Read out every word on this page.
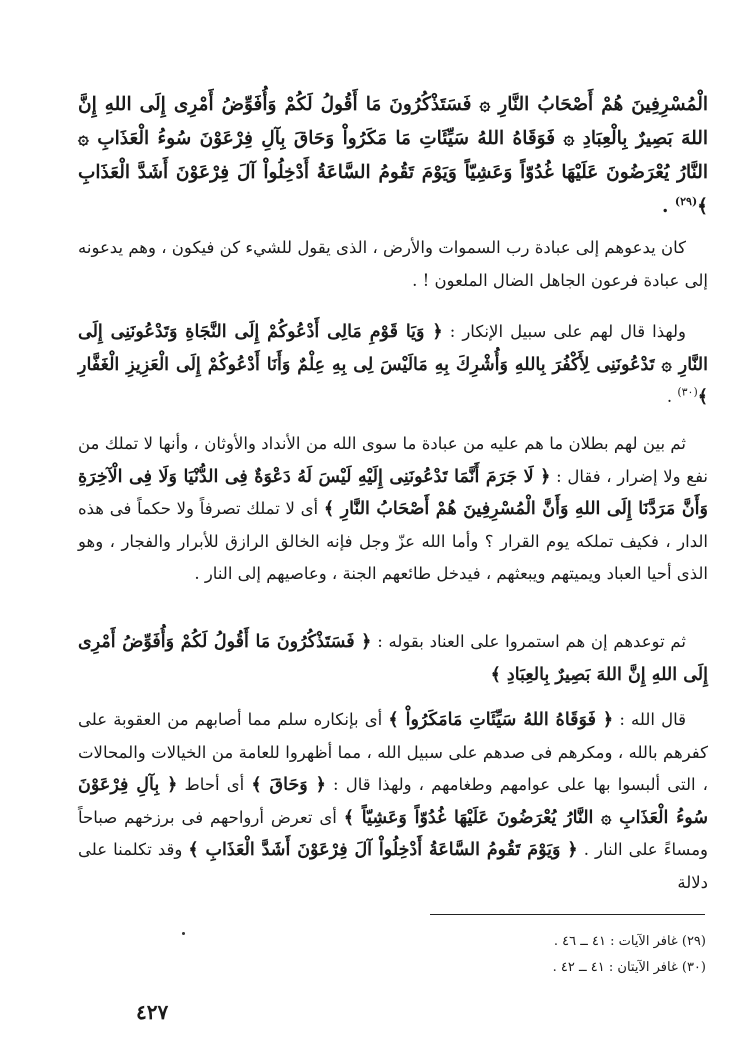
الْمُسْرِفِينَ هُمْ أَصْحَابُ النَّارِ ۞ فَسَتَذْكُرُونَ مَا أَقُولُ لَكُمْ وَأُفَوِّضُ أَمْرِى إِلَى اللهِ إِنَّ اللهَ بَصِيرٌ بِالْعِبَادِ ۞ فَوَقَاهُ اللهُ سَيِّئَاتِ مَا مَكَرُواْ وَحَاقَ بِآلِ فِرْعَوْنَ سُوءُ الْعَذَابِ ۞ النَّارُ يُعْرَضُونَ عَلَيْهَا غُدُوّاً وَعَشِيّاً وَيَوْمَ تَقُومُ السَّاعَةُ أَدْخِلُواْ آلَ فِرْعَوْنَ أَشَدَّ الْعَذَابِ ﴾$^{(٢٩)}$ .

كان يدعوهم إلى عبادة رب السموات والأرض ، الذى يقول للشيء كن فيكون ، وهم يدعونه إلى عبادة فرعون الجاهل الضال الملعون ! .

ولهذا قال لهم على سبيل الإنكار : ﴿ وَيَا قَوْمِ مَالِى أَدْعُوكُمْ إِلَى النَّجَاةِ وَتَدْعُونَنِى إِلَى النَّارِ ۞ تَدْعُونَنِى لِأَكْفُرَ بِاللهِ وَأُشْرِكَ بِهِ مَالَيْسَ لِى بِهِ عِلْمٌ وَأَنَا أَدْعُوكُمْ إِلَى الْعَزِيزِ الْغَفَّارِ ﴾$^{(٣٠)}$ .

ثم بين لهم بطلان ما هم عليه من عبادة ما سوى الله من الأنداد والأوثان ، وأنها لا تملك من نفع ولا إضرار ، فقال : ﴿ لَا جَرَمَ أَنَّمَا تَدْعُونَنِى إِلَيْهِ لَيْسَ لَهُ دَعْوَةٌ فِى الدُّنْيَا وَلَا فِى الْآخِرَةِ وَأَنَّ مَرَدَّنَا إِلَى اللهِ وَأَنَّ الْمُسْرِفِينَ هُمْ أَصْحَابُ النَّارِ ﴾ أى لا تملك تصرفاً ولا حكماً فى هذه الدار ، فكيف تملكه يوم القرار ؟ وأما الله عزّ وجل فإنه الخالق الرازق للأبرار والفجار ، وهو الذى أحيا العباد ويميتهم ويبعثهم ، فيدخل طائعهم الجنة ، وعاصيهم إلى النار .

ثم توعدهم إن هم استمروا على العناد بقوله : ﴿ فَسَتَذْكُرُونَ مَا أَقُولُ لَكُمْ وَأُفَوِّضُ أَمْرِى إِلَى اللهِ إِنَّ اللهَ بَصِيرٌ بِالعِبَادِ ﴾

قال الله : ﴿ فَوَقَاهُ اللهُ سَيِّئَاتِ مَامَكَرُواْ ﴾ أى بإنكاره سلم مما أصابهم من العقوبة على كفرهم بالله ، ومكرهم فى صدهم على سبيل الله ، مما أظهروا للعامة من الخيالات والمحالات ، التى ألبسوا بها على عوامهم وطغامهم ، ولهذا قال : ﴿ وَحَاقَ ﴾ أى أحاط ﴿ بِآلِ فِرْعَوْنَ سُوءُ الْعَذَابِ ۞ النَّارُ يُعْرَضُونَ عَلَيْهَا غُدُوّاً وَعَشِيّاً ﴾ أى تعرض أرواحهم فى برزخهم صباحاً ومساءً على النار . ﴿ وَيَوْمَ تَقُومُ السَّاعَةُ أَدْخِلُواْ آلَ فِرْعَوْنَ أَشَدَّ الْعَذَابِ ﴾ وقد تكلمنا على دلالة

(٢٩) غافر الآيات : ٤١ ــ ٤٦ .
(٣٠) غافر الآيتان : ٤١ ــ ٤٢ .
٤٢٧
